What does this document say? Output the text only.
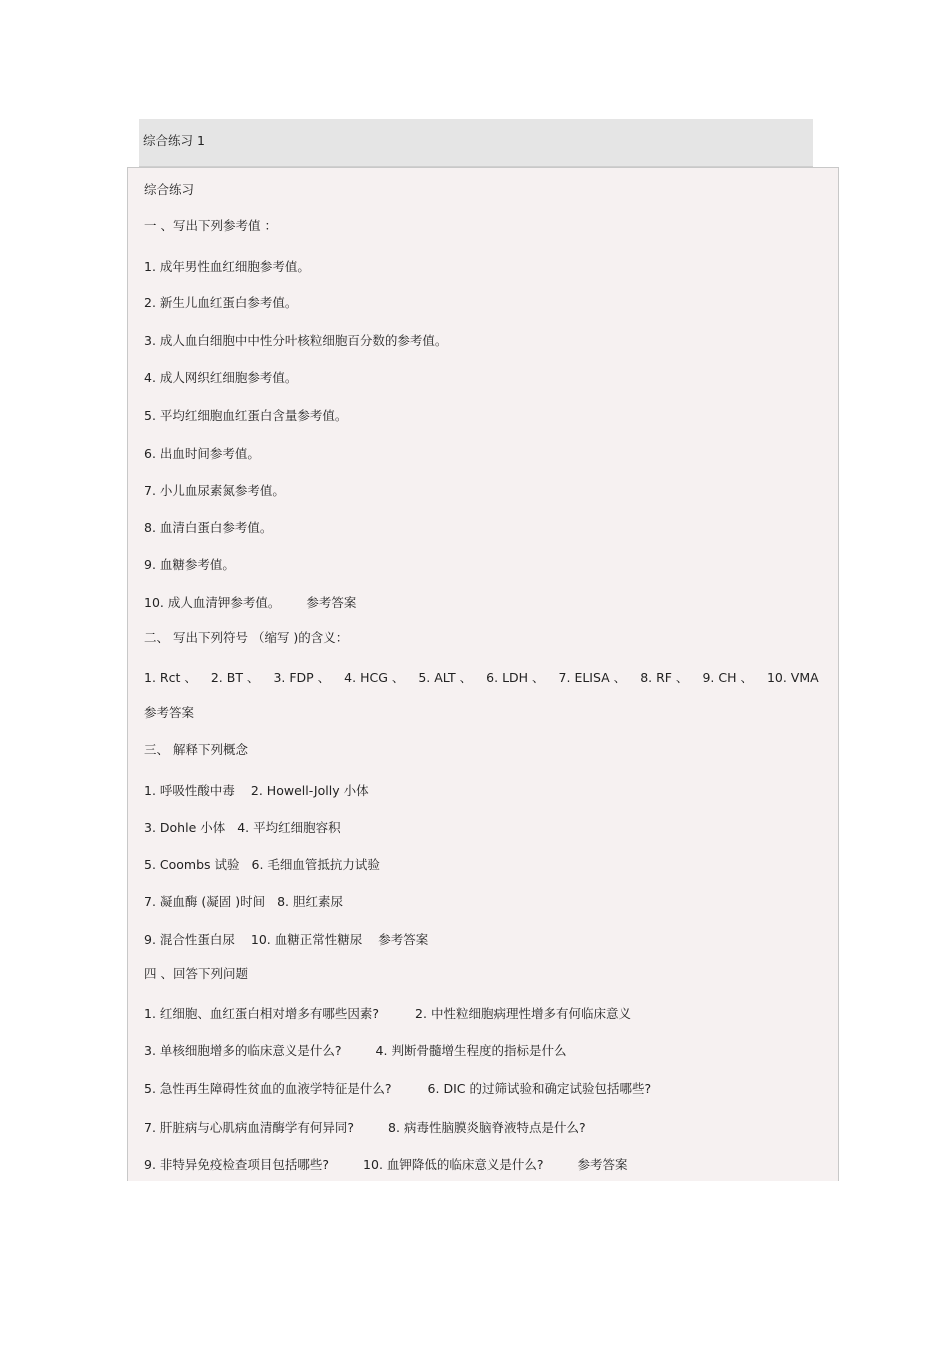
综合练习 1
综合练习
一 、写出下列参考值 ：
1. 成年男性血红细胞参考值。
2. 新生儿血红蛋白参考值。
3. 成人血白细胞中中性分叶核粒细胞百分数的参考值。
4. 成人网织红细胞参考值。
5. 平均红细胞血红蛋白含量参考值。
6. 出血时间参考值。
7. 小儿血尿素氮参考值。
8. 血清白蛋白参考值。
9. 血糖参考值。
10. 成人血清钾参考值。 参考答案
二、 写出下列符号 （缩写 )的含义：
1. Rct 、 2. BT 、 3. FDP 、 4. HCG 、 5. ALT 、 6. LDH 、 7. ELISA 、 8. RF 、 9. CH 、 10. VMA
参考答案
三、 解释下列概念
1. 呼吸性酸中毒 2. Howell-Jolly 小体
3. Dohle 小体 4. 平均红细胞容积
5. Coombs 试验 6. 毛细血管抵抗力试验
7. 凝血酶 (凝固 )时间 8. 胆红素尿
9. 混合性蛋白尿 10. 血糖正常性糖尿 参考答案
四 、回答下列问题
1. 红细胞、血红蛋白相对增多有哪些因素?	2. 中性粒细胞病理性增多有何临床意义
3. 单核细胞增多的临床意义是什么?	4. 判断骨髓增生程度的指标是什么
5. 急性再生障碍性贫血的血液学特征是什么?	6. DIC 的过筛试验和确定试验包括哪些?
7. 肝脏病与心肌病血清酶学有何异同?	8. 病毒性脑膜炎脑脊液特点是什么?
9. 非特异免疫检查项目包括哪些?	10. 血钾降低的临床意义是什么?	参考答案
